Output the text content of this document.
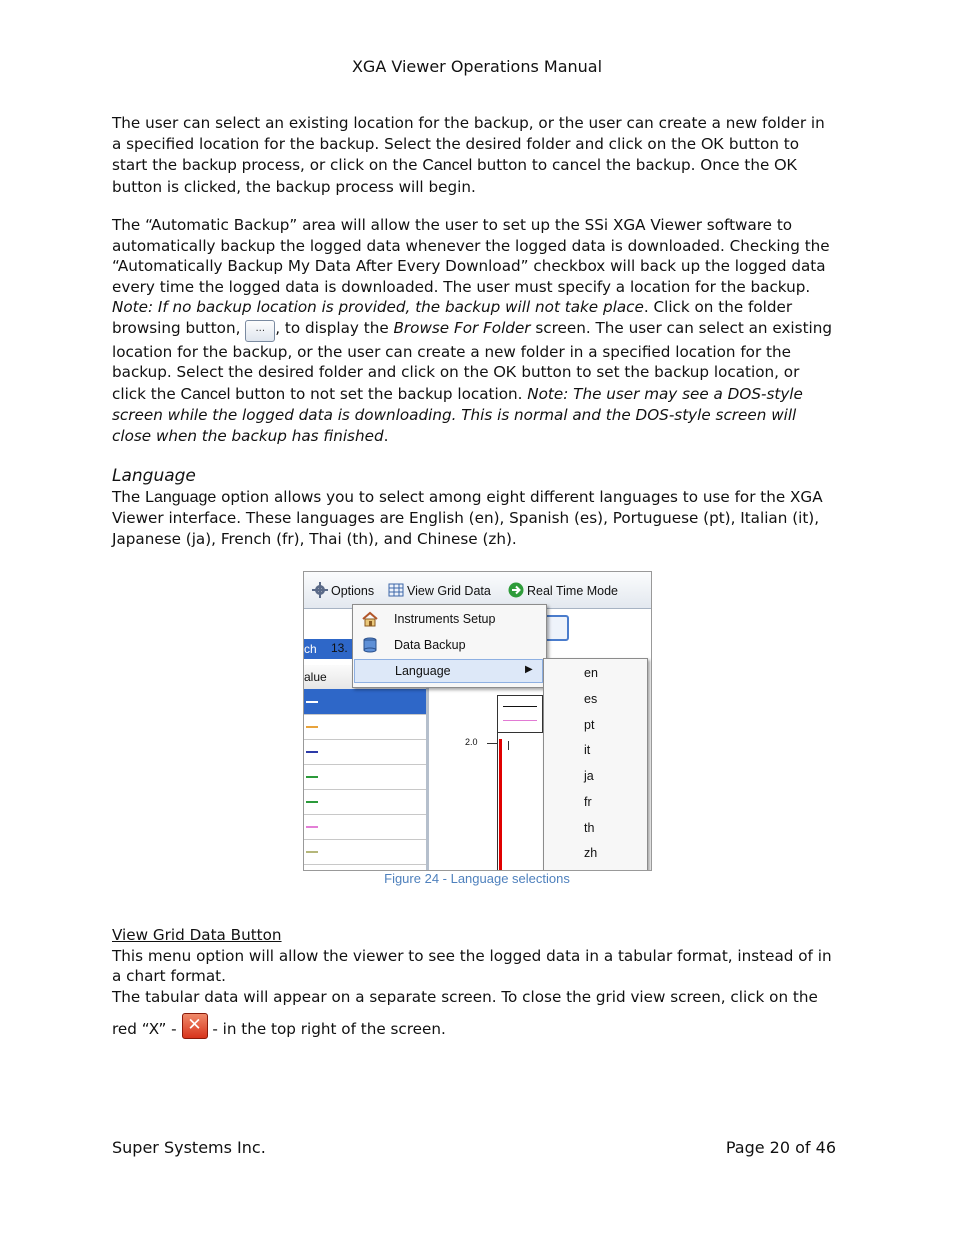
XGA Viewer Operations Manual
The user can select an existing location for the backup, or the user can create a new folder in a specified location for the backup. Select the desired folder and click on the OK button to start the backup process, or click on the Cancel button to cancel the backup. Once the OK button is clicked, the backup process will begin.
The “Automatic Backup” area will allow the user to set up the SSi XGA Viewer software to automatically backup the logged data whenever the logged data is downloaded. Checking the “Automatically Backup My Data After Every Download” checkbox will back up the logged data every time the logged data is downloaded. The user must specify a location for the backup. Note: If no backup location is provided, the backup will not take place. Click on the folder browsing button, ... , to display the Browse For Folder screen. The user can select an existing location for the backup, or the user can create a new folder in a specified location for the backup. Select the desired folder and click on the OK button to set the backup location, or click the Cancel button to not set the backup location. Note: The user may see a DOS-style screen while the logged data is downloading. This is normal and the DOS-style screen will close when the backup has finished.

Language

The Language option allows you to select among eight different languages to use for the XGA Viewer interface. These languages are English (en), Spanish (es), Portuguese (pt), Italian (it), Japanese (ja), French (fr), Thai (th), and Chinese (zh).
Options	View Grid Data	Real Time Mode
ch	13.
alue
2.0
Instruments Setup
Data Backup
Language	▶	en
es
pt
it
ja
fr
th
zh
Figure 24 - Language selections
View Grid Data Button
This menu option will allow the viewer to see the logged data in a tabular format, instead of in a chart format.
The tabular data will appear on a separate screen. To close the grid view screen, click on the red “X” - ✕ - in the top right of the screen.
Super Systems Inc.	Page 20 of 46
